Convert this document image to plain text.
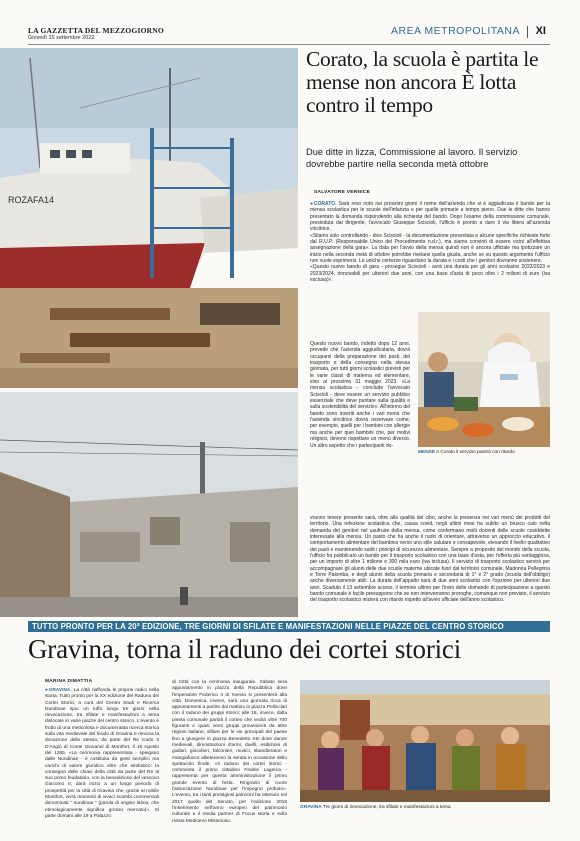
LA GAZZETTA DEL MEZZOGIORNO
Giovedì 15 settembre 2022
AREA METROPOLITANA XI
ROZAFA14
Corato, la scuola è partita le mense non ancora È lotta contro il tempo
Due ditte in lizza, Commissione al lavoro. Il servizio dovrebbe partire nella seconda metà ottobre
SALVATORE VERNICE
● CORATO. Sarà reso noto nei prossimi giorni il nome dell'azienda che si è aggiudicata il bando per la mensa scolastica per le scuole dell'infanzia e per quelle primarie a tempo pieno. Due le ditte che hanno presentato la domanda rispondendo alla richiesta del bando. Dopo l'esame della commissione comunale, presieduta dal dirigente, l'avvocato Giuseppe Sciscioli, l'ufficio è pronto a dare il via libera all'azienda vincitrice.
«Stiamo solo controllando - dice Sciscioli - la documentazione presentata e alcune specifiche richieste forte dal R.U.P. (Responsabile Unico del Procedimento n.d.r.), ma siamo convinti di essere vicini all'effettiva assegnazione della gara». La data per l'avvio della mensa quindi non è ancora ufficiale ma ipotizzare un inizio nella seconda metà di ottobre potrebbe rivelarsi quella giusta, anche se su questo argomento l'ufficio non vuole esprimersi. Le uniche certezze riguardano la durata e i costi che i genitori dovranno sostenere.
«Questo nuovo bando di gara - prosegue Sciscioli - avrà una durata per gli anni scolastici 2022/2023 e 2023/2024, rinnovabili per ulteriori due anni, con una base d'asta di poco oltre i 2 milioni di euro (iva esclusa)».
Questo nuovo bando, indetto dopo 12 anni, prevede che l'azienda aggiudicataria, dovrà occuparsi della preparazione dei pasti, del trasporto e della consegna nella stessa giornata, per tutti giorni scolastici previsti per le varie classi di materna ed elementare, sino al prossimo 31 maggio 2023. «La mensa scolastica - conclude l'avvocato Sciscioli - deve essere un servizio pubblico essenziale che deve puntare sulla qualità e sulla sostenibilità del servizio». All'interno del bando sono inseriti anche i vari menù che l'azienda vincitrice dovrà osservare come, per esempio, quelli per i bambini con allergie ma anche per quei bambini che, per motivi religiosi, devono rispettare un menù diverso. Un altro aspetto che i partecipanti do-
vranno tenere presente sarà, oltre alla qualità del cibo, anche la presenza nei vari menù dei prodotti del territorio. Una refezione scolastica che, causa covid, negli ultimi mesi ha subito un brusco calo nella domanda dei genitori nel usufruire della mensa, come confermano molti docenti delle scuole cosiddette interessate alla mensa. Un pasto che ha anche il ruolo di orientare, attraverso un approccio educativo, il comportamento alimentare del bambino verso uno stile salutare e consapevole, elevando il livello qualitativo dei pasti e mantenendo saldi i principi di sicurezza alimentare. Sempre a proposito del mondo della scuola, l'ufficio ha pubblicato un bando per il trasporto scolastico con una base d'asta, per l'offerta più vantaggiosa, per un importo di oltre 1 milione e 300 mila euro (iva inclusa). Il servizio di trasporto scolastico servirà per accompagnare gli alunni delle due scuole materne ubicate fuori dal territorio comunale, Madonna Pellegrina e Torre Palomba, e degli alunni della scuola primaria e secondaria di 1° e 2° grado (scuola dell'obbligo) anche diversamente abili. La durata dell'appalto sarà di due anni scolastici con l'opzione per ulteriori due anni. Scaduto il 13 settembre scorso, il termine ultimo per l'invio delle domande di partecipazione a questo bando comunale è facile presupporre che se non interverranno proroghe, comunque non previste, il servizio del trasporto scolastico inizierà con ritardo rispetto all'avvio ufficiale dell'anno scolastico.
MENSE A Corato il servizio partirà con ritardo
TUTTO PRONTO PER LA 20ª EDIZIONE, TRE GIORNI DI SFILATE E MANIFESTAZIONI NELLE PIAZZE DEL CENTRO STORICO
Gravina, torna il raduno dei cortei storici
MARINA DIMATTIA
● GRAVINA. La città riaffonda le proprie radici nella storia. Tutto pronto per la XX edizione del Raduno dei Cortei Storici, a cura del Centro Studi e Ricerca Nundinae spa: un tuffo lungo tre giorni nella rievocazione, tra sfilate e manifestazioni a tema dislocate in varie piazze del centro storico. L'evento è frutto di una meticolosa e documentata ricerca storica sulla vita medievale del feudo di Gravina e rievoca la donazione dello stesso, da parte del Re Carlo II D'Angiò al Conte Giovanni di Montfort, il 15 Agosto del 1285. «La cerimonia rappresentata - spiegano dalle Nundinae - è costituita da gesti semplici ma carichi di valore giuridico oltre che simbolico: la consegna delle chiavi della città da parte del Re al suo primo feudatario, con la benedizione del vescovo Giacomo II, darà inizio a un lungo periodo di prosperità per la città di Gravina che, grazie al nobile Montfort, vivrà momenti di vivaci scambi commerciali denominati " nundinae " (parola di origine latina, che etimologicamente significa grosso mercato)». Si parte domani alle 19 a Palazzo
di Città con la cerimonia inaugurale. Sabato sera appuntamento in piazza della Repubblica dove l'imperatore Federico II di Svevia si presenterà alla città. Domenica, invece, sarà una giornata ricca di appuntamenti a partire dal mattino in piazza Pellicciari con il raduno dei gruppi storici; alle 18, invece, dalla pineta comunale partirà il corteo che vedrà oltre 700 figuranti e quasi venti gruppi provenienti da altre regioni italiane, sfilare per le vie principali del paese fino a giungere in piazza Benedetto XIII dove danze medievali, dimostrazioni d'armi, duelli, esibizioni di giullari, giocolieri, falconieri, musici, sbandieratori e mangiafuoco allieteranno la serata in occasione dello spettacolo finale. «Il raduno dei cortei storici - commenta il primo cittadino Fedele Lagreca - rappresenta per questa amministrazione il primo grande evento di festa. Ringrazio di cuore l'associazione Nundinae per l'impegno profuso». L'evento, tra i tanti prestigiosi patrocini ha ottenuto nel 2017 quello del Senato, per l'edizione 2018 l'inserimento nell'anno europeo del patrimonio culturale e il media partner di Focus storia e sulla rivista Medioevo Misterioso.
GRAVINA Tre giorni di rievocazione, tra sfilate e manifestazioni a tema
